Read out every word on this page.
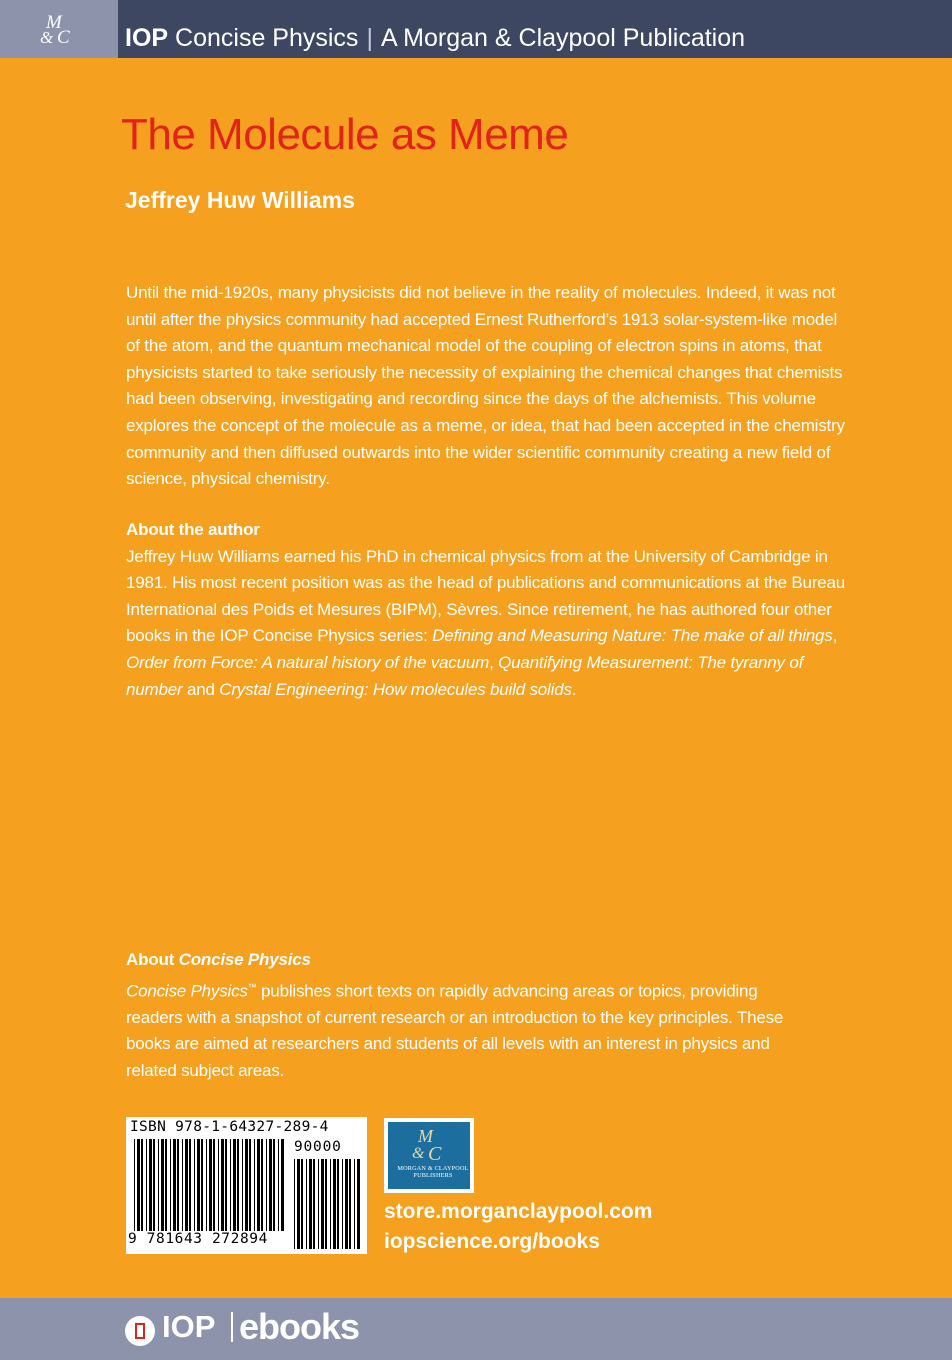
M
& C IOP Concise Physics | A Morgan & Claypool Publication
The Molecule as Meme
Jeffrey Huw Williams

Until the mid-1920s, many physicists did not believe in the reality of molecules. Indeed, it was not until after the physics community had accepted Ernest Rutherford’s 1913 solar-system-like model of the atom, and the quantum mechanical model of the coupling of electron spins in atoms, that physicists started to take seriously the necessity of explaining the chemical changes that chemists had been observing, investigating and recording since the days of the alchemists. This volume explores the concept of the molecule as a meme, or idea, that had been accepted in the chemistry community and then diffused outwards into the wider scientific community creating a new field of science, physical chemistry.

About the author
Jeffrey Huw Williams earned his PhD in chemical physics from at the University of Cambridge in 1981. His most recent position was as the head of publications and communications at the Bureau International des Poids et Mesures (BIPM), Sèvres. Since retirement, he has authored four other books in the IOP Concise Physics series: Defining and Measuring Nature: The make of all things, Order from Force: A natural history of the vacuum, Quantifying Measurement: The tyranny of number and Crystal Engineering: How molecules build solids.
About Concise Physics
Concise Physics™ publishes short texts on rapidly advancing areas or topics, providing readers with a snapshot of current research or an introduction to the key principles. These books are aimed at researchers and students of all levels with an interest in physics and related subject areas.
ISBN 978-1-64327-289-4
90000
9 781643 272894
M
& C
MORGAN & CLAYPOOL PUBLISHERS
store.morganclaypool.com
iopscience.org/books
IOP ebooks
